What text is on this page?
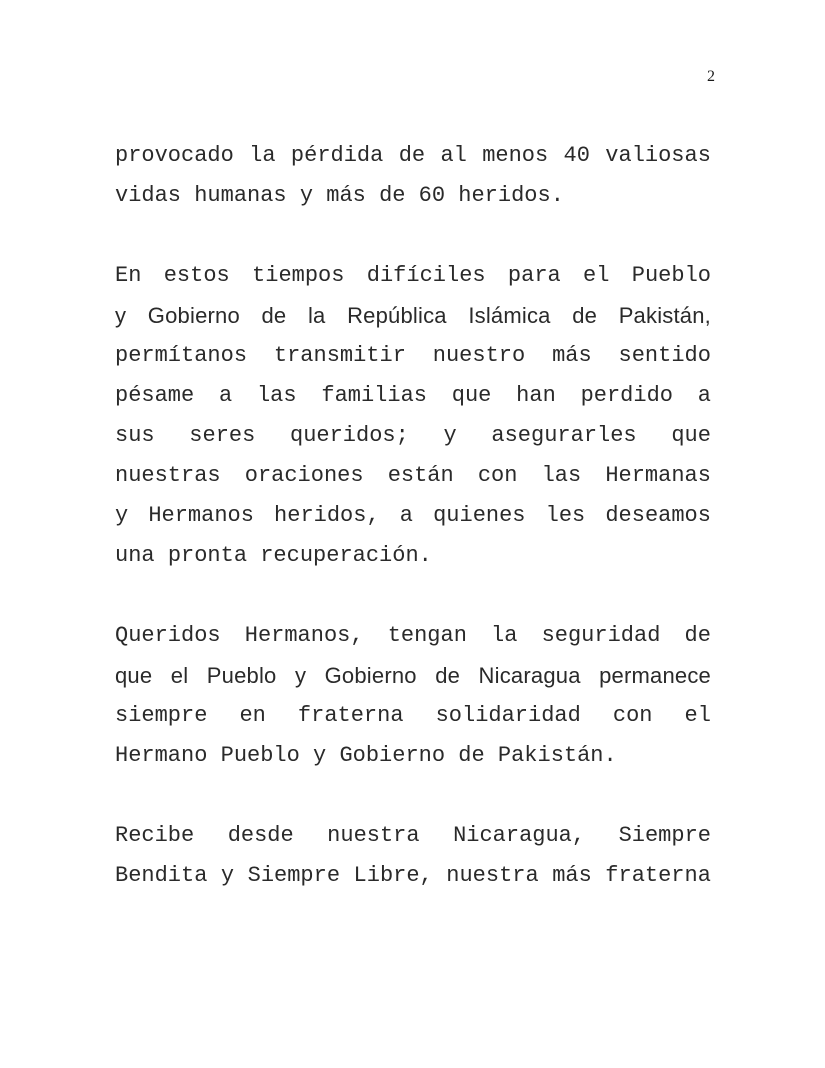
2
provocado la pérdida de al menos 40 valiosas
vidas humanas y más de 60 heridos.
En estos tiempos difíciles para el Pueblo
y Gobierno de la República Islámica de Pakistán,
permítanos transmitir nuestro más sentido
pésame a las familias que han perdido a
sus seres queridos; y asegurarles que
nuestras oraciones están con las Hermanas
y Hermanos heridos, a quienes les deseamos
una pronta recuperación.
Queridos Hermanos, tengan la seguridad de
que el Pueblo y Gobierno de Nicaragua permanece
siempre en fraterna solidaridad con el
Hermano Pueblo y Gobierno de Pakistán.
Recibe desde nuestra Nicaragua, Siempre
Bendita y Siempre Libre, nuestra más fraterna
